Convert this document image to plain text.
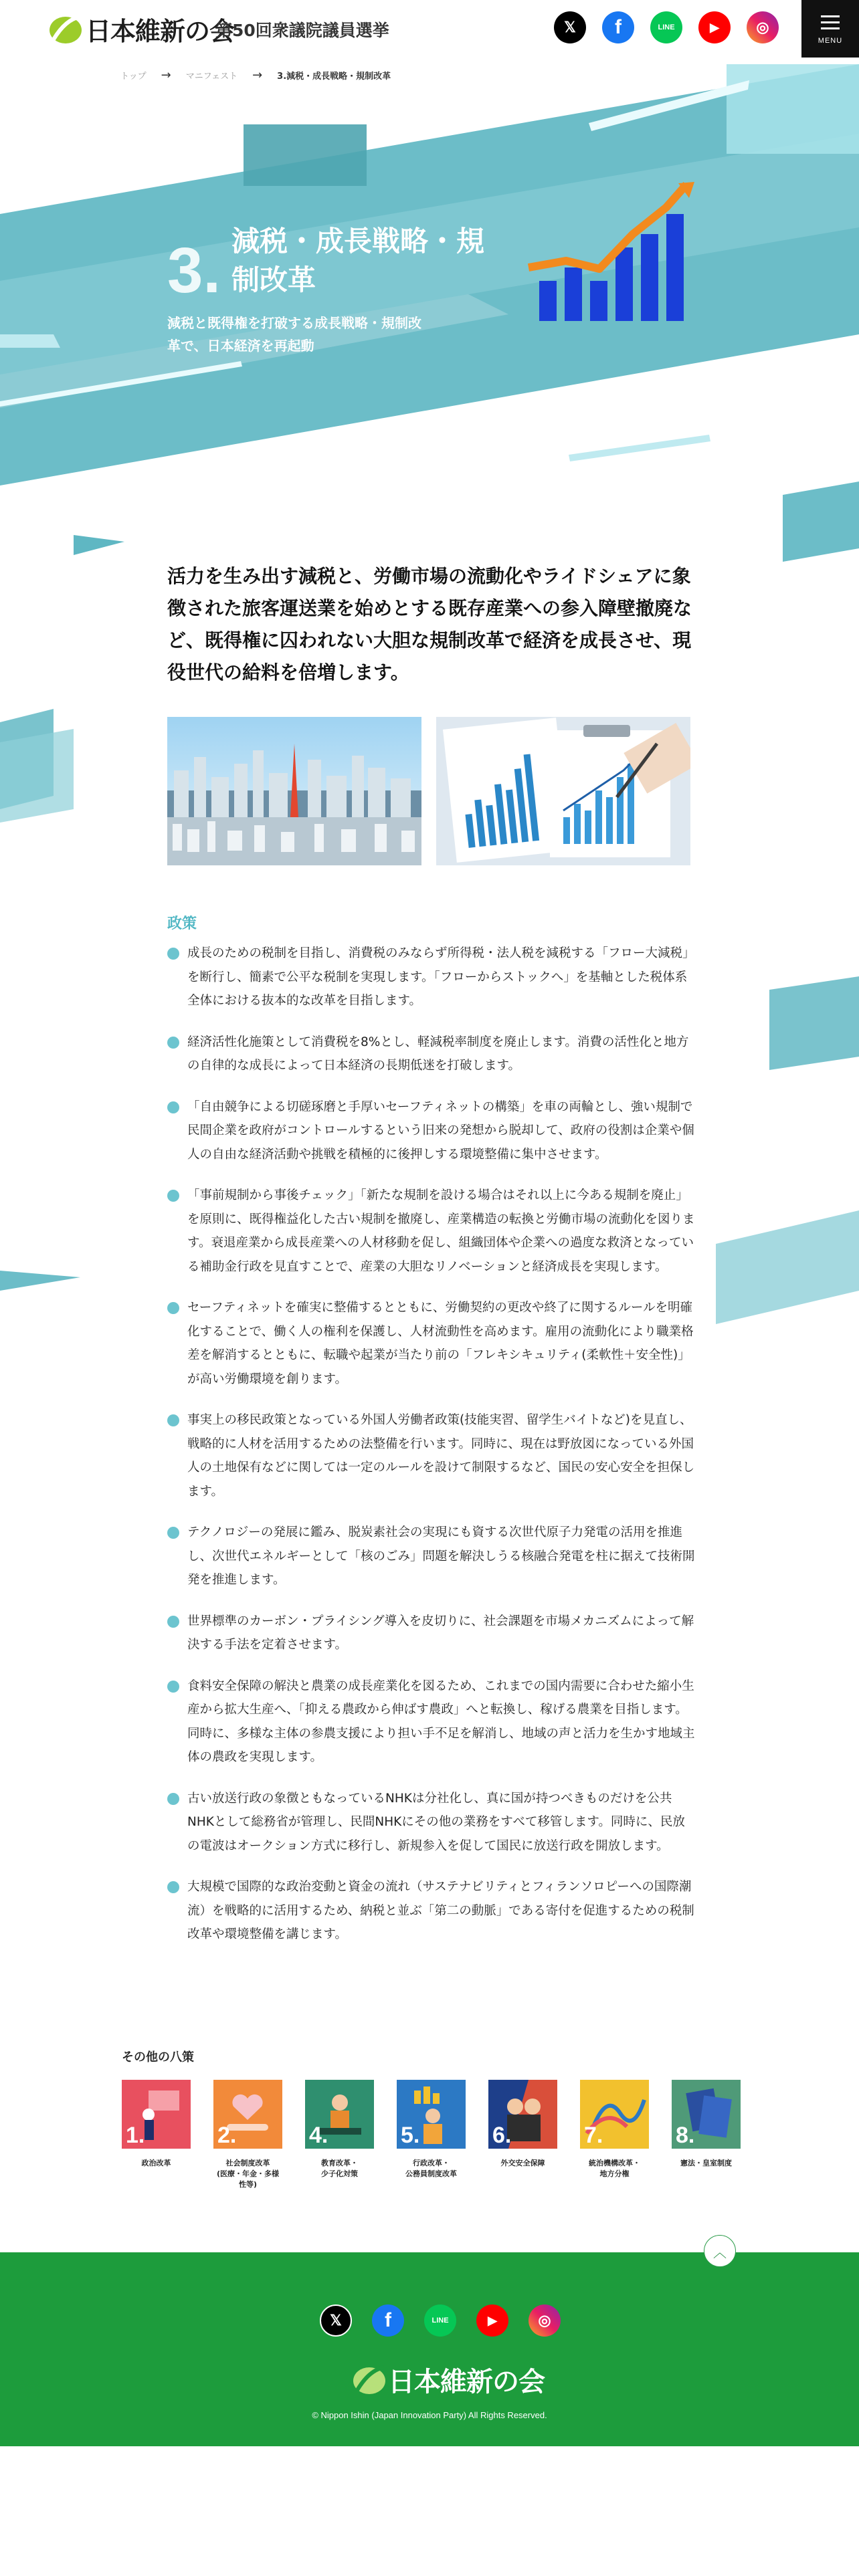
3. 減税・成長戦略・規制改革
減税と既得権を打破する成長戦略・規制改革で、日本経済を再起動
日本維新の会
第50回衆議院議員選挙	𝕏	f	LINE	▶	◎
MENU
トップ → マニフェスト → 3.減税・成長戦略・規制改革
活力を生み出す減税と、労働市場の流動化やライドシェアに象徴された旅客運送業を始めとする既存産業への参入障壁撤廃など、既得権に囚われない大胆な規制改革で経済を成長させ、現役世代の給料を倍増します。
政策
成長のための税制を目指し、消費税のみならず所得税・法人税を減税する「フロー大減税」を断行し、簡素で公平な税制を実現します。「フローからストックへ」を基軸とした税体系全体における抜本的な改革を目指します。
経済活性化施策として消費税を8%とし、軽減税率制度を廃止します。消費の活性化と地方の自律的な成長によって日本経済の長期低迷を打破します。
「自由競争による切磋琢磨と手厚いセーフティネットの構築」を車の両輪とし、強い規制で民間企業を政府がコントロールするという旧来の発想から脱却して、政府の役割は企業や個人の自由な経済活動や挑戦を積極的に後押しする環境整備に集中させます。
「事前規制から事後チェック」「新たな規制を設ける場合はそれ以上に今ある規制を廃止」を原則に、既得権益化した古い規制を撤廃し、産業構造の転換と労働市場の流動化を図ります。衰退産業から成長産業への人材移動を促し、組織団体や企業への過度な救済となっている補助金行政を見直すことで、産業の大胆なリノベーションと経済成長を実現します。
セーフティネットを確実に整備するとともに、労働契約の更改や終了に関するルールを明確化することで、働く人の権利を保護し、人材流動性を高めます。雇用の流動化により職業格差を解消するとともに、転職や起業が当たり前の「フレキシキュリティ(柔軟性＋安全性)」が高い労働環境を創ります。
事実上の移民政策となっている外国人労働者政策(技能実習、留学生バイトなど)を見直し、戦略的に人材を活用するための法整備を行います。同時に、現在は野放図になっている外国人の土地保有などに関しては一定のルールを設けて制限するなど、国民の安心安全を担保します。
テクノロジーの発展に鑑み、脱炭素社会の実現にも資する次世代原子力発電の活用を推進し、次世代エネルギーとして「核のごみ」問題を解決しうる核融合発電を柱に据えて技術開発を推進します。
世界標準のカーボン・プライシング導入を皮切りに、社会課題を市場メカニズムによって解決する手法を定着させます。
食料安全保障の解決と農業の成長産業化を図るため、これまでの国内需要に合わせた縮小生産から拡大生産へ、「抑える農政から伸ばす農政」へと転換し、稼げる農業を目指します。同時に、多様な主体の参農支援により担い手不足を解消し、地域の声と活力を生かす地域主体の農政を実現します。
古い放送行政の象徴ともなっているNHKは分社化し、真に国が持つべきものだけを公共NHKとして総務省が管理し、民間NHKにその他の業務をすべて移管します。同時に、民放の電波はオークション方式に移行し、新規参入を促して国民に放送行政を開放します。
大規模で国際的な政治変動と資金の流れ（サステナビリティとフィランソロピーへの国際潮流）を戦略的に活用するため、納税と並ぶ「第二の動脈」である寄付を促進するための税制改革や環境整備を講じます。
その他の八策
1.
政治改革
2.
社会制度改革
(医療・年金・多様性等)
4.
教育改革・
少子化対策
5.
行政改革・
公務員制度改革
6.
外交安全保障
7.
統治機構改革・
地方分権
8.
憲法・皇室制度
︿
𝕏	f	LINE	▶	◎
日本維新の会
© Nippon Ishin (Japan Innovation Party) All Rights Reserved.
